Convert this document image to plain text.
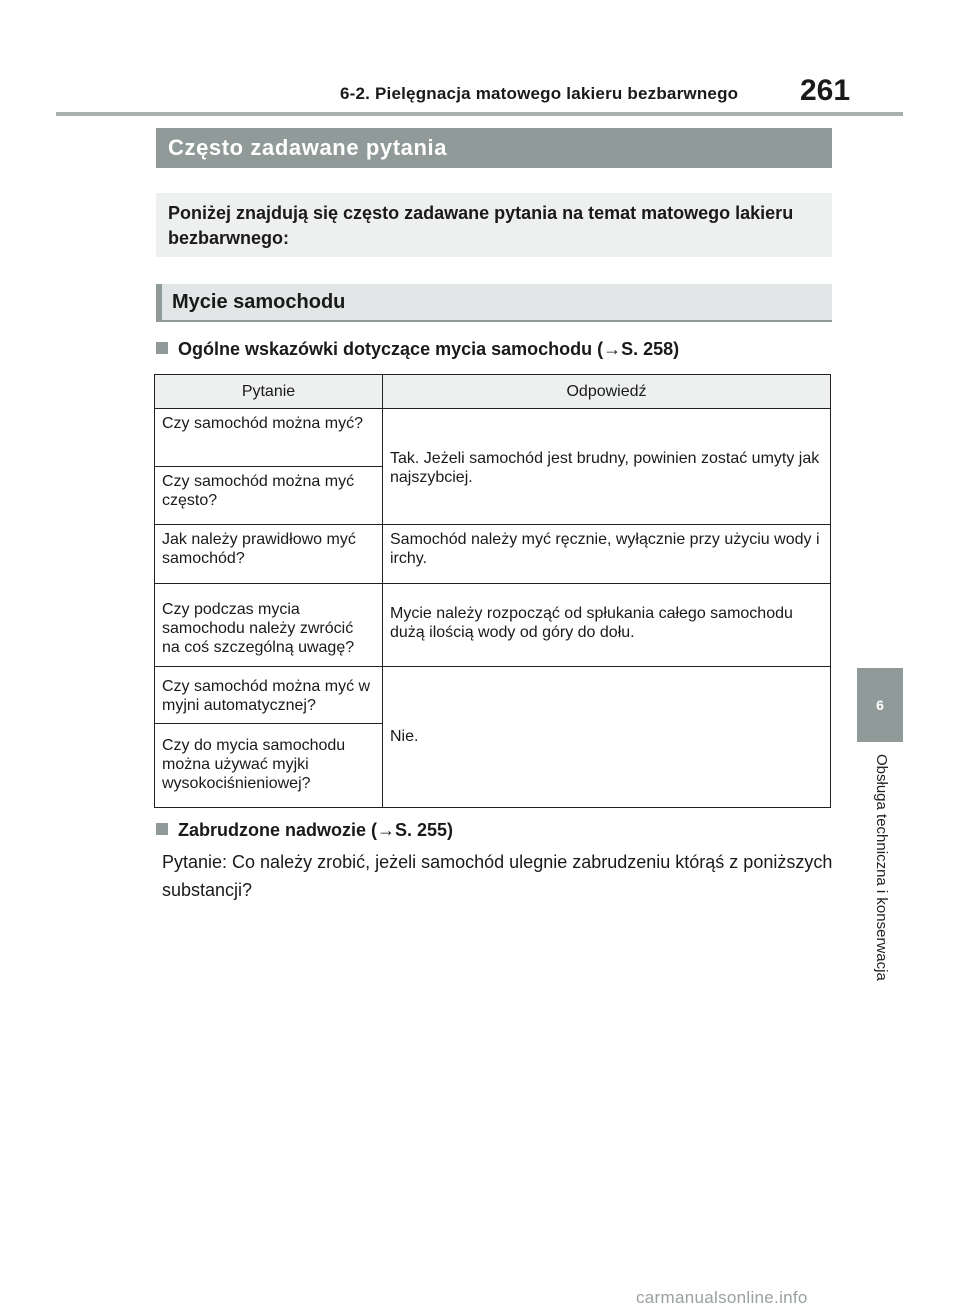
6-2. Pielęgnacja matowego lakieru bezbarwnego 261
Często zadawane pytania
Poniżej znajdują się często zadawane pytania na temat matowego lakieru bezbarwnego:
Mycie samochodu
Ogólne wskazówki dotyczące mycia samochodu (→S. 258)
Pytanie	Odpowiedź
Czy samochód można myć?	Tak. Jeżeli samochód jest brudny, powinien zostać umyty jak najszybciej.
Czy samochód można myć często?	
Jak należy prawidłowo myć samochód?	Samochód należy myć ręcznie, wyłącznie przy użyciu wody i irchy.
Czy podczas mycia samochodu należy zwrócić na coś szczególną uwagę?	Mycie należy rozpocząć od spłukania całego samochodu dużą ilością wody od góry do dołu.
Czy samochód można myć w myjni automatycznej?	Nie.
Czy do mycia samochodu można używać myjki wysokociśnieniowej?	
Zabrudzone nadwozie (→S. 255)
Pytanie: Co należy zrobić, jeżeli samochód ulegnie zabrudzeniu którąś z poniższych substancji?
6
Obsługa techniczna i konserwacja
carmanualsonline.info
